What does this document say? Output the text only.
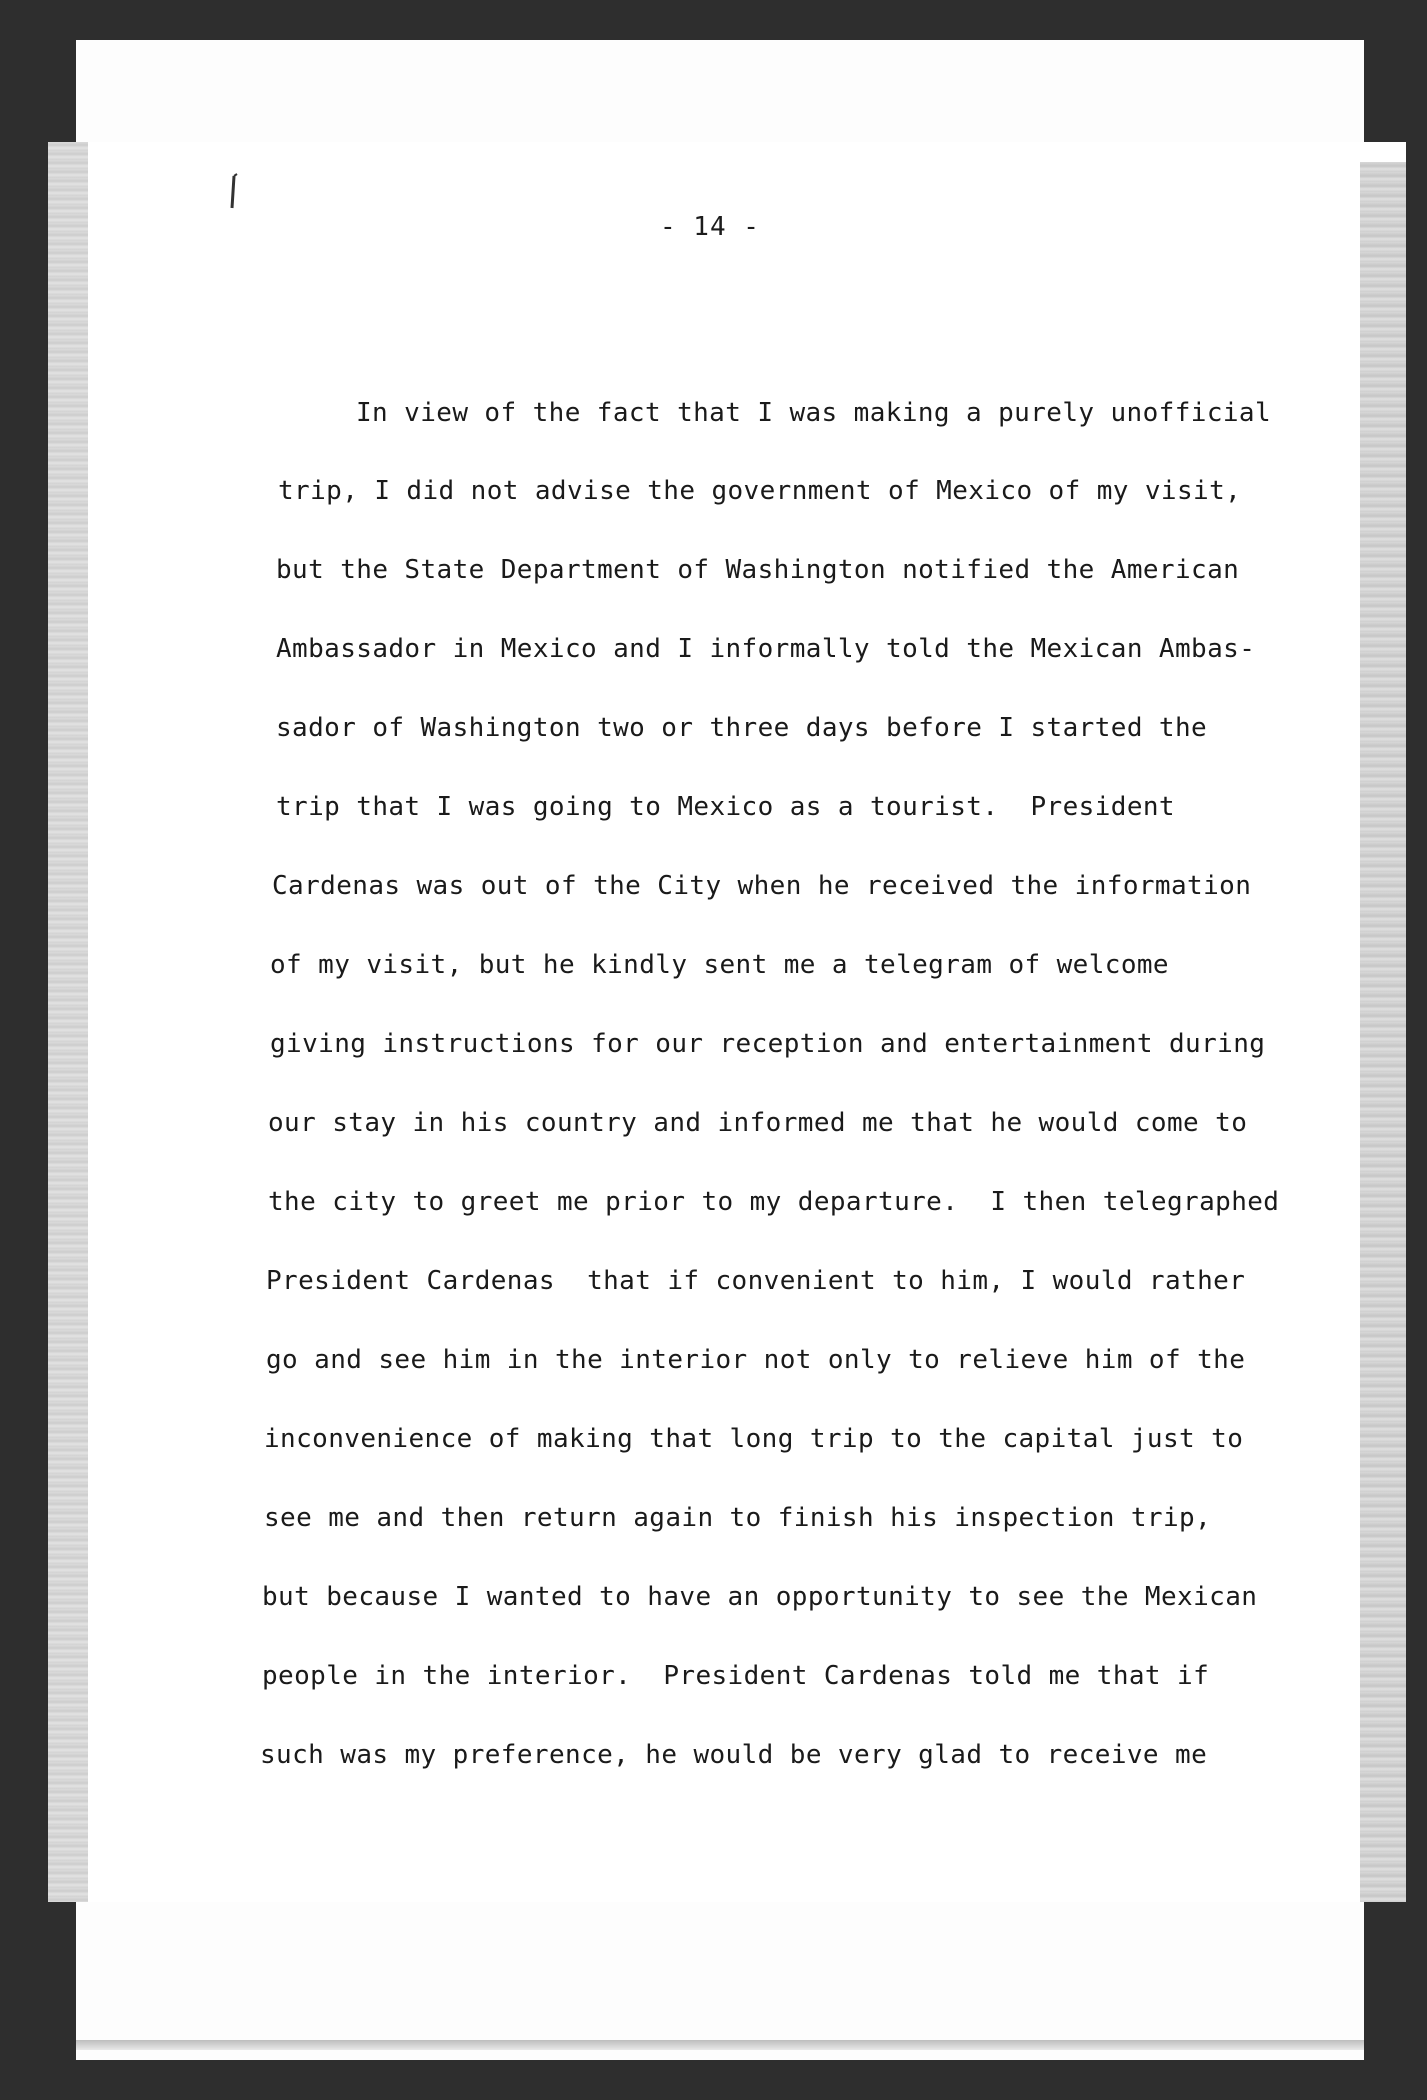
- 14 -
In view of the fact that I was making a purely unofficial
trip, I did not advise the government of Mexico of my visit,
but the State Department of Washington notified the American
Ambassador in Mexico and I informally told the Mexican Ambas-
sador of Washington two or three days before I started the
trip that I was going to Mexico as a tourist.  President
Cardenas was out of the City when he received the information
of my visit, but he kindly sent me a telegram of welcome
giving instructions for our reception and entertainment during
our stay in his country and informed me that he would come to
the city to greet me prior to my departure.  I then telegraphed
President Cardenas  that if convenient to him, I would rather
go and see him in the interior not only to relieve him of the
inconvenience of making that long trip to the capital just to
see me and then return again to finish his inspection trip,
but because I wanted to have an opportunity to see the Mexican
people in the interior.  President Cardenas told me that if
such was my preference, he would be very glad to receive me
